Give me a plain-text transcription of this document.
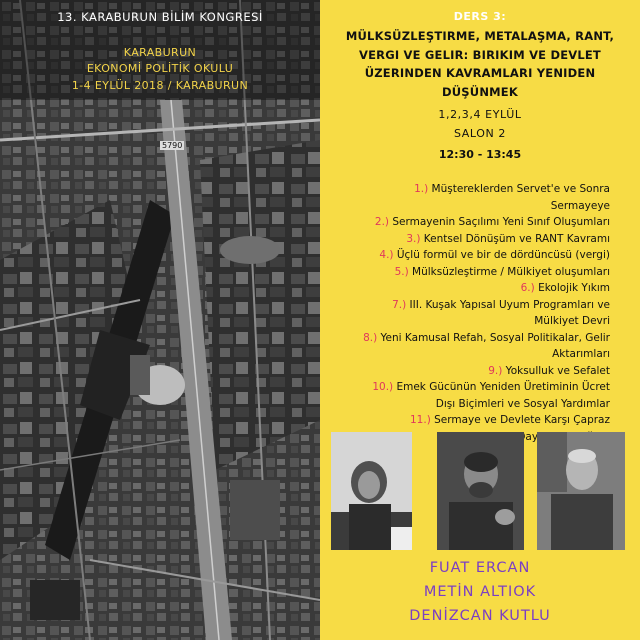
13. KARABURUN BİLİM KONGRESİ
KARABURUN
EKONOMİ POLİTİK OKULU
1-4 EYLÜL 2018 / KARABURUN
5790
DERS 3:
MÜLKSÜZLEŞTIRME, METALAŞMA, RANT, VERGI VE GELIR: BIRIKIM VE DEVLET ÜZERINDEN KAVRAMLARI YENIDEN DÜŞÜNMEK
1,2,3,4 EYLÜL
SALON 2
12:30 - 13:45
1.) Müştereklerden Servet'e ve Sonra
Sermayeye
2.) Sermayenin Saçılımı Yeni Sınıf Oluşumları
3.) Kentsel Dönüşüm ve RANT Kavramı
4.) Üçlü formül ve bir de dördüncüsü (vergi)
5.) Mülksüzleştirme / Mülkiyet oluşumları
6.) Ekolojik Yıkım
7.) III. Kuşak Yapısal Uyum Programları ve
Mülkiyet Devri
8.) Yeni Kamusal Refah, Sosyal Politikalar, Gelir
Aktarımları
9.) Yoksulluk ve Sefalet
10.) Emek Gücünün Yeniden Üretiminin Ücret
Dışı Biçimleri ve Sosyal Yardımlar
11.) Sermaye ve Devlete Karşı Çapraz
FUAT ERCAN
METİN ALTIOK
DENİZCAN KUTLU
